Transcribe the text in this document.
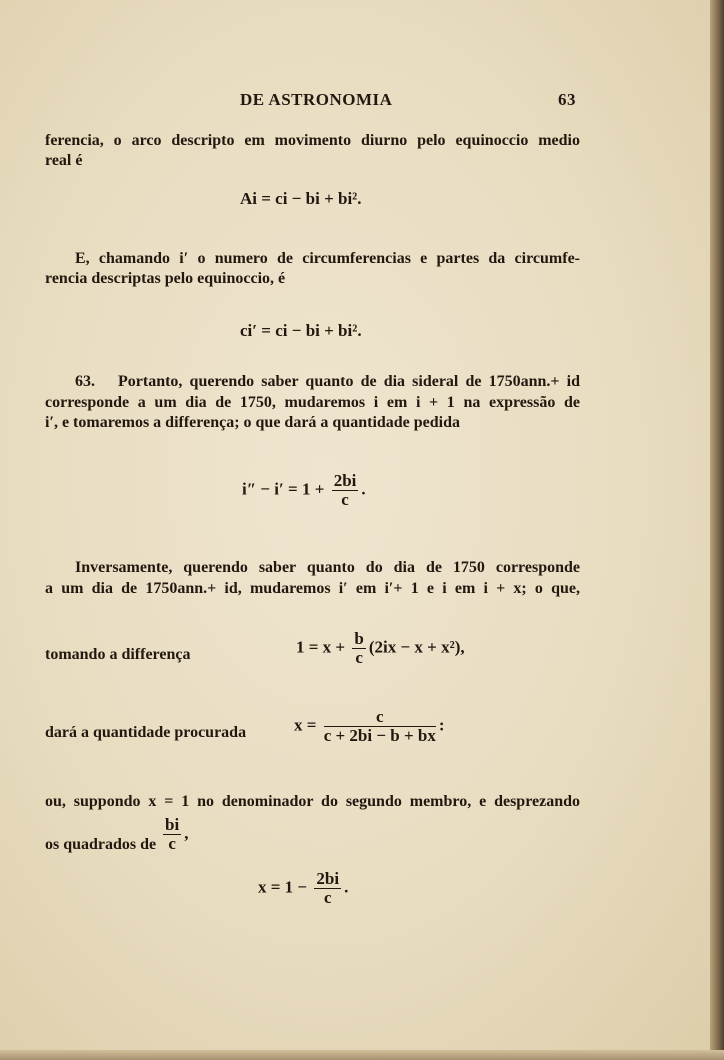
DE ASTRONOMIA	63
ferencia, o arco descripto em movimento diurno pelo equinoccio medio
real é
Ai = ci − bi + bi².
E, chamando i′ o numero de circumferencias e partes da circumfe-
rencia descriptas pelo equinoccio, é
ci′ = ci − bi + bi².
63. Portanto, querendo saber quanto de dia sideral de 1750ann.+ id
corresponde a um dia de 1750, mudaremos i em i + 1 na expressão de
i′, e tomaremos a differença; o que dará a quantidade pedida
$i'' - i' = 1 + \frac{2bi}{c}$ .
Inversamente, querendo saber quanto do dia de 1750 corresponde
a um dia de 1750ann.+ id, mudaremos i′ em i′+ 1 e i em i + x; o que,
tomando a differença	$1 = x + \frac{b}{c} (2ix - x + x^2)$,
dará a quantidade procurada	$x = \frac{c}{c + 2bi - b + bx}$ :
ou, suppondo x = 1 no denominador do segundo membro, e desprezando
os quadrados de $\frac{bi}{c}$ ,
$x = 1 - \frac{2bi}{c}$ .
